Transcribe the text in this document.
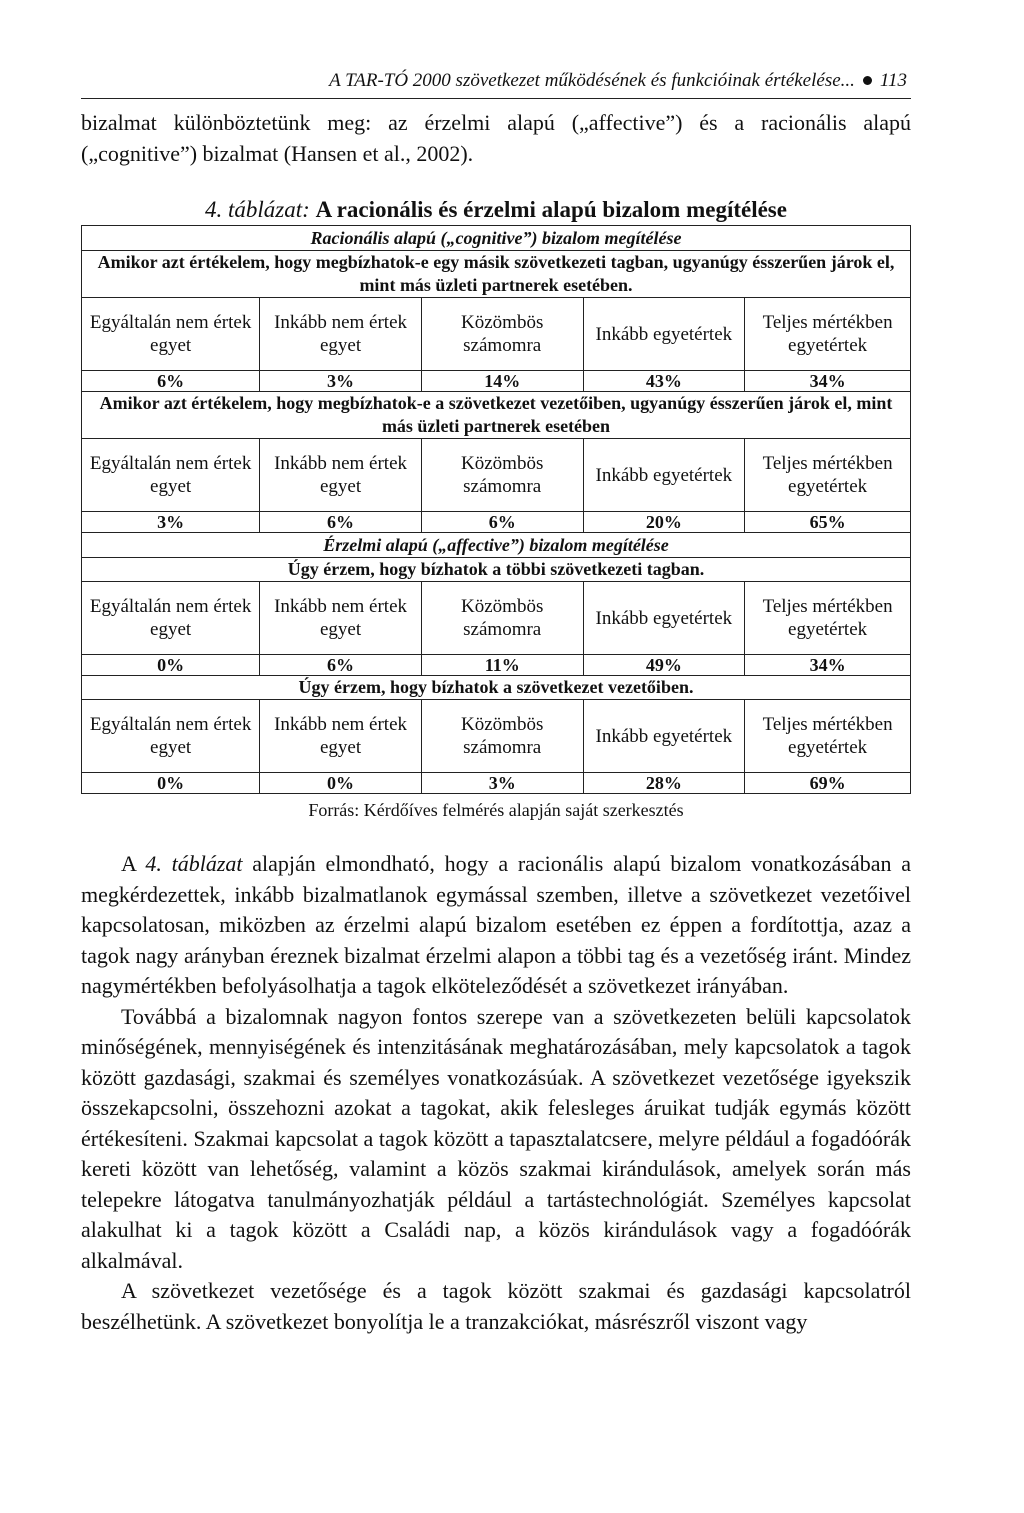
A TAR-TÓ 2000 szövetkezet működésének és funkcióinak értékelése... 113

bizalmat különböztetünk meg: az érzelmi alapú („affective”) és a racionális alapú („cognitive”) bizalmat (Hansen et al., 2002).

4. táblázat: A racionális és érzelmi alapú bizalom megítélése
Racionális alapú („cognitive”) bizalom megítélése				
Amikor azt értékelem, hogy megbízhatok-e egy másik szövetkezeti tagban, ugyanúgy ésszerűen járok el, mint más üzleti partnerek esetében.				
Egyáltalán nem értek egyet	Inkább nem értek egyet	Közömbös számomra	Inkább egyetértek	Teljes mértékben egyetértek
6%	3%	14%	43%	34%
Amikor azt értékelem, hogy megbízhatok-e a szövetkezet vezetőiben, ugyanúgy ésszerűen járok el, mint más üzleti partnerek esetében				
Egyáltalán nem értek egyet	Inkább nem értek egyet	Közömbös számomra	Inkább egyetértek	Teljes mértékben egyetértek
3%	6%	6%	20%	65%
Érzelmi alapú („affective”) bizalom megítélése				
Úgy érzem, hogy bízhatok a többi szövetkezeti tagban.				
Egyáltalán nem értek egyet	Inkább nem értek egyet	Közömbös számomra	Inkább egyetértek	Teljes mértékben egyetértek
0%	6%	11%	49%	34%
Úgy érzem, hogy bízhatok a szövetkezet vezetőiben.				
Egyáltalán nem értek egyet	Inkább nem értek egyet	Közömbös számomra	Inkább egyetértek	Teljes mértékben egyetértek
0%	0%	3%	28%	69%
Forrás: Kérdőíves felmérés alapján saját szerkesztés

A 4. táblázat alapján elmondható, hogy a racionális alapú bizalom vonatkozásában a megkérdezettek, inkább bizalmatlanok egymással szemben, illetve a szövetkezet vezetőivel kapcsolatosan, miközben az érzelmi alapú bizalom esetében ez éppen a fordítottja, azaz a tagok nagy arányban éreznek bizalmat érzelmi alapon a többi tag és a vezetőség iránt. Mindez nagymértékben befolyásolhatja a tagok elköteleződését a szövetkezet irányában.

Továbbá a bizalomnak nagyon fontos szerepe van a szövetkezeten belüli kapcsolatok minőségének, mennyiségének és intenzitásának meghatározásában, mely kapcsolatok a tagok között gazdasági, szakmai és személyes vonatkozásúak. A szövetkezet vezetősége igyekszik összekapcsolni, összehozni azokat a tagokat, akik felesleges áruikat tudják egymás között értékesíteni. Szakmai kapcsolat a tagok között a tapasztalatcsere, melyre például a fogadóórák kereti között van lehetőség, valamint a közös szakmai kirándulások, amelyek során más telepekre látogatva tanulmányozhatják például a tartástechnológiát. Személyes kapcsolat alakulhat ki a tagok között a Családi nap, a közös kirándulások vagy a fogadóórák alkalmával.

A szövetkezet vezetősége és a tagok között szakmai és gazdasági kapcsolatról beszélhetünk. A szövetkezet bonyolítja le a tranzakciókat, másrészről viszont vagy
